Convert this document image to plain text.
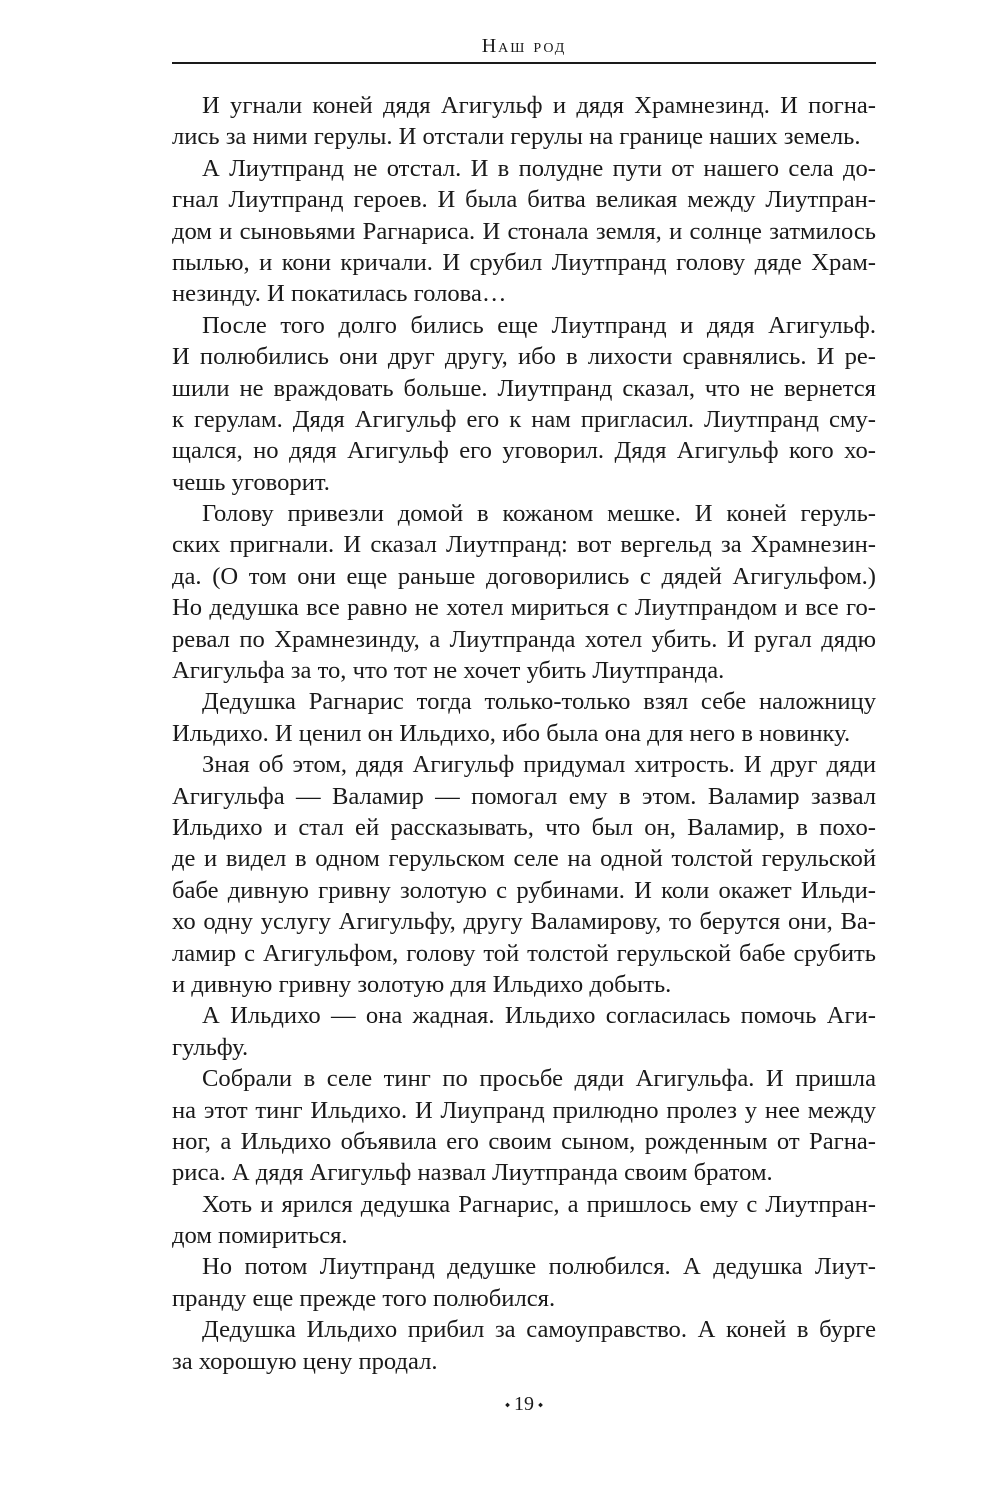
Наш род
И угнали коней дядя Агигульф и дядя Храмнезинд. И погна-
лись за ними герулы. И отстали герулы на границе наших земель.
А Лиутпранд не отстал. И в полудне пути от нашего села до-
гнал Лиутпранд героев. И была битва великая между Лиутпран-
дом и сыновьями Рагнариса. И стонала земля, и солнце затмилось
пылью, и кони кричали. И срубил Лиутпранд голову дяде Храм-
незинду. И покатилась голова…
После того долго бились еще Лиутпранд и дядя Агигульф.
И полюбились они друг другу, ибо в лихости сравнялись. И ре-
шили не враждовать больше. Лиутпранд сказал, что не вернется
к герулам. Дядя Агигульф его к нам пригласил. Лиутпранд сму-
щался, но дядя Агигульф его уговорил. Дядя Агигульф кого хо-
чешь уговорит.
Голову привезли домой в кожаном мешке. И коней геруль-
ских пригнали. И сказал Лиутпранд: вот вергельд за Храмнезин-
да. (О том они еще раньше договорились с дядей Агигульфом.)
Но дедушка все равно не хотел мириться с Лиутпрандом и все го-
ревал по Храмнезинду, а Лиутпранда хотел убить. И ругал дядю
Агигульфа за то, что тот не хочет убить Лиутпранда.
Дедушка Рагнарис тогда только-только взял себе наложницу
Ильдихо. И ценил он Ильдихо, ибо была она для него в новинку.
Зная об этом, дядя Агигульф придумал хитрость. И друг дяди
Агигульфа — Валамир — помогал ему в этом. Валамир зазвал
Ильдихо и стал ей рассказывать, что был он, Валамир, в похо-
де и видел в одном герульском селе на одной толстой герульской
бабе дивную гривну золотую с рубинами. И коли окажет Ильди-
хо одну услугу Агигульфу, другу Валамирову, то берутся они, Ва-
ламир с Агигульфом, голову той толстой герульской бабе срубить
и дивную гривну золотую для Ильдихо добыть.
А Ильдихо — она жадная. Ильдихо согласилась помочь Аги-
гульфу.
Собрали в селе тинг по просьбе дяди Агигульфа. И пришла
на этот тинг Ильдихо. И Лиупранд прилюдно пролез у нее между
ног, а Ильдихо объявила его своим сыном, рожденным от Рагна-
риса. А дядя Агигульф назвал Лиутпранда своим братом.
Хоть и ярился дедушка Рагнарис, а пришлось ему с Лиутпран-
дом помириться.
Но потом Лиутпранд дедушке полюбился. А дедушка Лиут-
пранду еще прежде того полюбился.
Дедушка Ильдихо прибил за самоуправство. А коней в бурге
за хорошую цену продал.
⬩ 19 ⬩
